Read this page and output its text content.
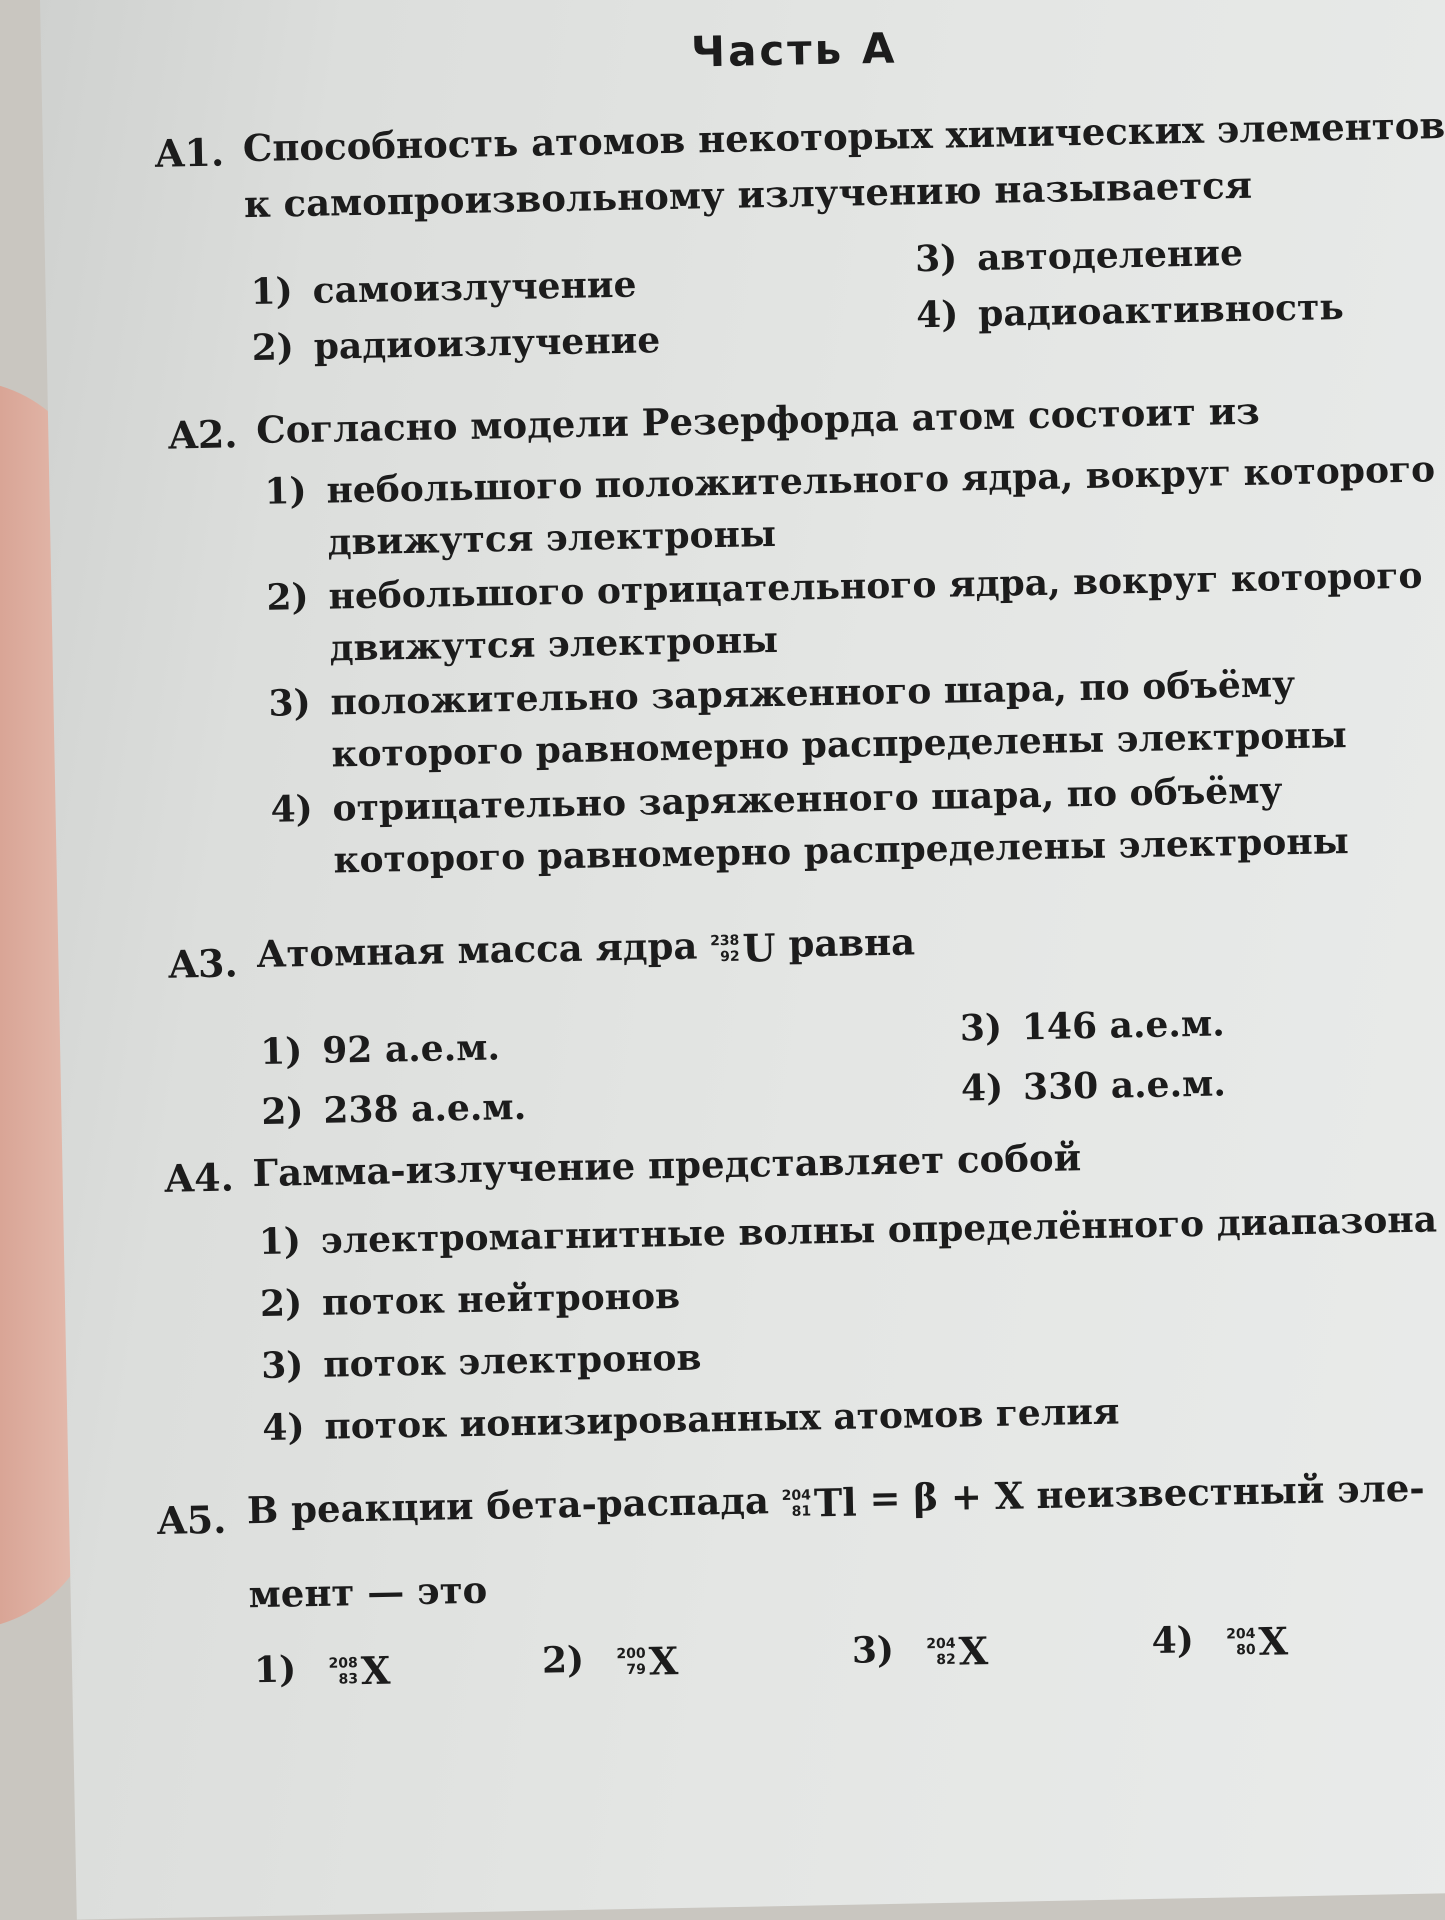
Часть А
A1. Способность атомов некоторых химических элементов
к самопроизвольному излучению называется
1) самоизлучение
2) радиоизлучение
3) автоделение
4) радиоактивность
A2. Согласно модели Резерфорда атом состоит из
1) небольшого положительного ядра, вокруг которого движутся электроны
2) небольшого отрицательного ядра, вокруг которого движутся электроны
3) положительно заряженного шара, по объёму которого равномерно распределены электроны
4) отрицательно заряженного шара, по объёму которого равномерно распределены электроны
A3. Атомная масса ядра 238
92 U равна
1) 92 а.е.м.
2) 238 а.е.м.
3) 146 а.е.м.
4) 330 а.е.м.
A4. Гамма-излучение представляет собой
1) электромагнитные волны определённого диапазона
2) поток нейтронов
3) поток электронов
4) поток ионизированных атомов гелия
A5. В реакции бета-распада 204
81 Tl = β + X неизвестный эле-
мент — это
1) 208
83 X	2) 200
79 X	3) 204
82 X	4) 204
80 X
